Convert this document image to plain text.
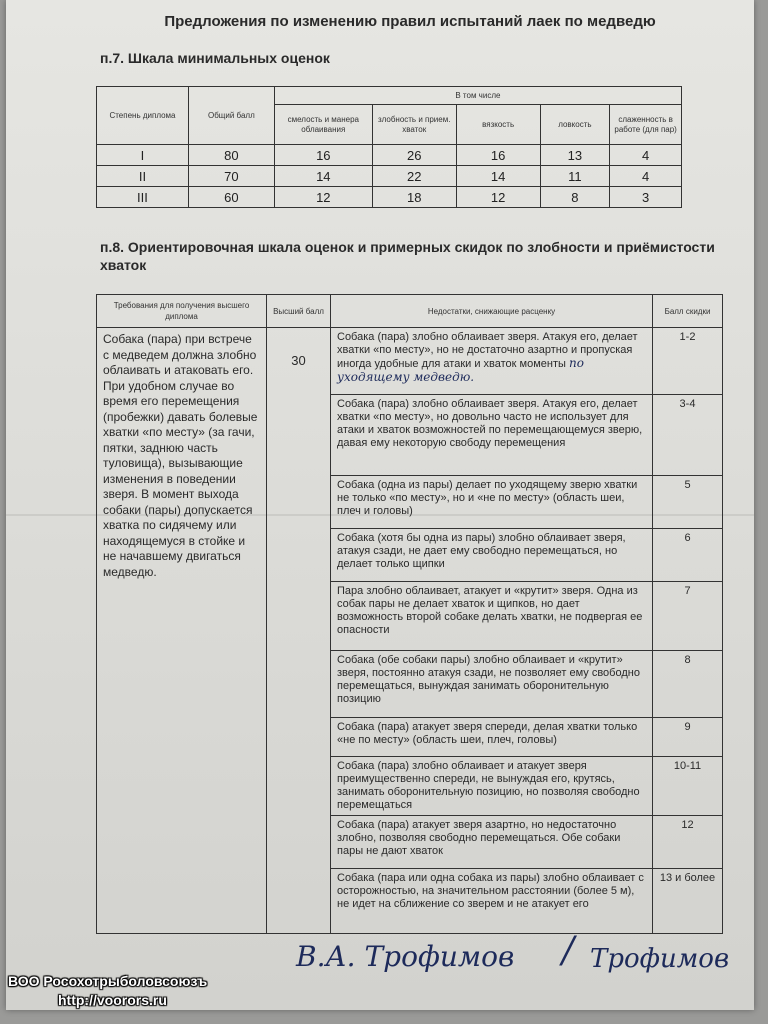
Предложения по изменению правил испытаний лаек по медведю
п.7. Шкала минимальных оценок
Степень диплома	Общий балл	В том числе				
		смелость и манера облаивания	злобность и прием. хваток	вязкость	ловкость	слаженность в работе (для пар)
I	80	16	26	16	13	4
II	70	14	22	14	11	4
III	60	12	18	12	8	3
п.8. Ориентировочная шкала оценок и примерных скидок по злобности и приёмистости хваток
Требования для получения высшего диплома	Высший балл	Недостатки, снижающие расценку	Балл скидки
Собака (пара) при встрече с медведем должна злобно облаивать и атаковать его. При удобном случае во время его перемещения (пробежки) давать болевые хватки «по месту» (за гачи, пятки, заднюю часть туловища), вызывающие изменения в поведении зверя. В момент выхода собаки (пары) допускается хватка по сидячему или находящемуся в стойке и не начавшему двигаться медведю.	30	Собака (пара) злобно облаивает зверя. Атакуя его, делает хватки «по месту», но не достаточно азартно и пропуская иногда удобные для атаки и хваток моменты по уходящему медведю.	1-2
		Собака (пара) злобно облаивает зверя. Атакуя его, делает хватки «по месту», но довольно часто не использует для атаки и хваток возможностей по перемещающемуся зверю, давая ему некоторую свободу перемещения	3-4
		Собака (одна из пары) делает по уходящему зверю хватки не только «по месту», но и «не по месту» (область шеи, плеч и головы)	5
		Собака (хотя бы одна из пары) злобно облаивает зверя, атакуя сзади, не дает ему свободно перемещаться, но делает только щипки	6
		Пара злобно облаивает, атакует и «крутит» зверя. Одна из собак пары не делает хваток и щипков, но дает возможность второй собаке делать хватки, не подвергая ее опасности	7
		Собака (обе собаки пары) злобно облаивает и «крутит» зверя, постоянно атакуя сзади, не позволяет ему свободно перемещаться, вынуждая занимать оборонительную позицию	8
		Собака (пара) атакует зверя спереди, делая хватки только «не по месту» (область шеи, плеч, головы)	9
		Собака (пара) злобно облаивает и атакует зверя преимущественно спереди, не вынуждая его, крутясь, занимать оборонительную позицию, но позволяя свободно перемещаться	10-11
		Собака (пара) атакует зверя азартно, но недостаточно злобно, позволяя свободно перемещаться. Обе собаки пары не дают хваток	12
		Собака (пара или одна собака из пары) злобно облаивает с осторожностью, на значительном расстоянии (более 5 м), не идет на сближение со зверем и не атакует его	13 и более
В.А. Трофимов / Трофимов
ВОО Росохотрыболовсоюзъ
http://voorors.ru
